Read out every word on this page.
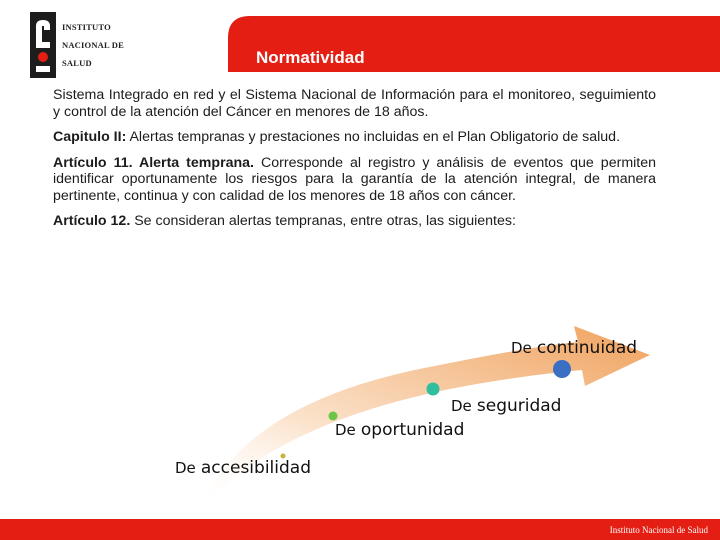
INSTITUTO
NACIONAL DE
SALUD	Normatividad

Sistema Integrado en red y el Sistema Nacional de Información para el monitoreo, seguimiento y control de la atención del Cáncer en menores de 18 años.

Capitulo II: Alertas tempranas y prestaciones no incluidas en el Plan Obligatorio de salud.

Artículo 11. Alerta temprana. Corresponde al registro y análisis de eventos que permiten identificar oportunamente los riesgos para la garantía de la atención integral, de manera pertinente, continua y con calidad de los menores de 18 años con cáncer.

Artículo 12. Se consideran alertas tempranas, entre otras, las siguientes:

De accesibilidad
De oportunidad
De seguridad
De continuidad
Instituto Nacional de Salud
